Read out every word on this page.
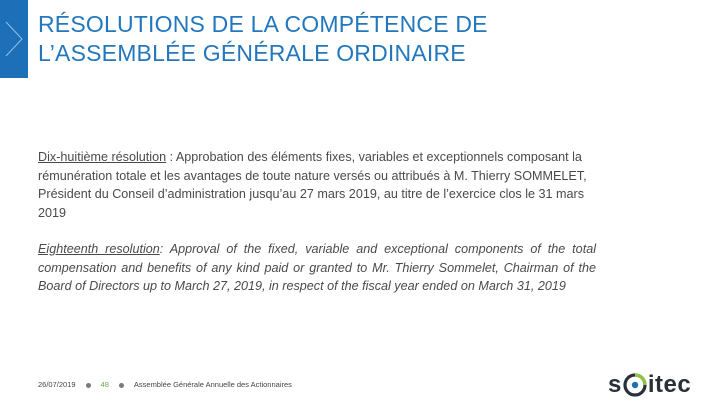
RÉSOLUTIONS DE LA COMPÉTENCE DE
L’ASSEMBLÉE GÉNÉRALE ORDINAIRE
Dix-huitième résolution : Approbation des éléments fixes, variables et exceptionnels composant la rémunération totale et les avantages de toute nature versés ou attribués à M. Thierry SOMMELET, Président du Conseil d’administration jusqu’au 27 mars 2019, au titre de l’exercice clos le 31 mars 2019
Eighteenth resolution: Approval of the fixed, variable and exceptional components of the total compensation and benefits of any kind paid or granted to Mr. Thierry Sommelet, Chairman of the Board of Directors up to March 27, 2019, in respect of the fiscal year ended on March 31, 2019
26/07/2019	48	Assemblée Générale Annuelle des Actionnaires	s itec
